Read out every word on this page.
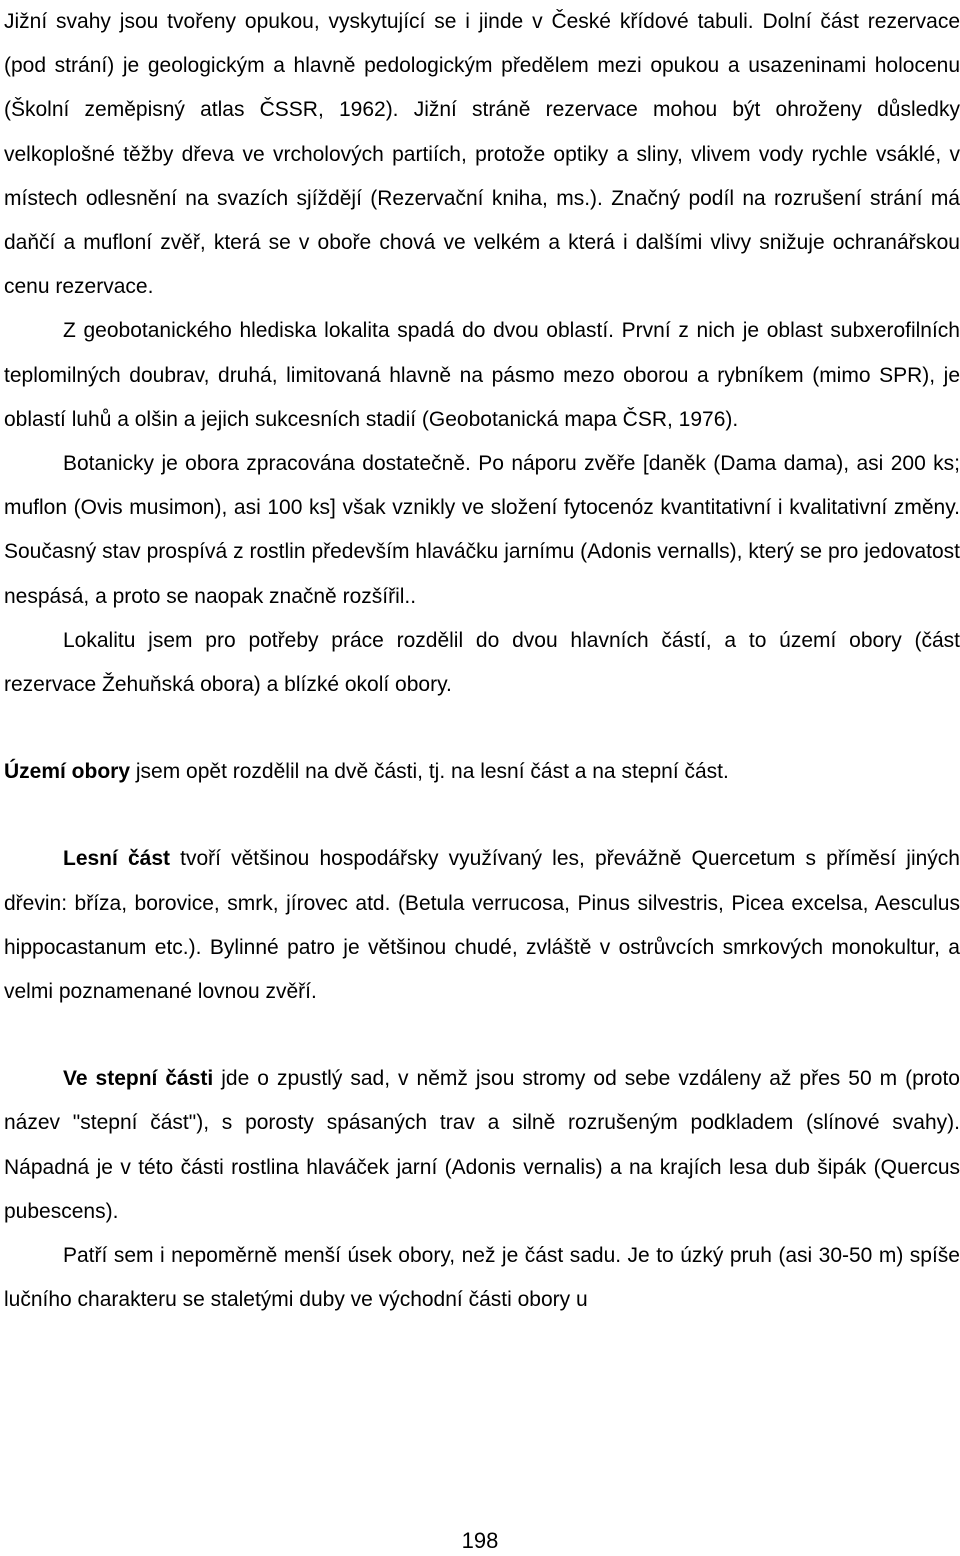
Jižní svahy jsou tvořeny opukou, vyskytující se i jinde v České křídové tabuli. Dolní část rezervace (pod strání) je geologickým a hlavně pedologickým předělem mezi opukou a usazeninami holocenu (Školní zeměpisný atlas ČSSR, 1962). Jižní stráně rezervace mohou být ohroženy důsledky velkoplošné těžby dřeva ve vrcholových partiích, protože optiky a sliny, vlivem vody rychle vsáklé, v místech odlesnění na svazích sjíždějí (Rezervační kniha, ms.). Značný podíl na rozrušení strání má daňčí a mufloní zvěř, která se v oboře chová ve velkém a která i dalšími vlivy snižuje ochranářskou cenu rezervace.

Z geobotanického hlediska lokalita spadá do dvou oblastí. První z nich je oblast subxerofilních teplomilných doubrav, druhá, limitovaná hlavně na pásmo mezo oborou a rybníkem (mimo SPR), je oblastí luhů a olšin a jejich sukcesních stadií (Geobotanická mapa ČSR, 1976).

Botanicky je obora zpracována dostatečně. Po náporu zvěře [daněk (Dama dama), asi 200 ks; muflon (Ovis musimon), asi 100 ks] však vznikly ve složení fytocenóz kvantitativní i kvalitativní změny. Současný stav prospívá z rostlin především hlaváčku jarnímu (Adonis vernalls), který se pro jedovatost nespásá, a proto se naopak značně rozšířil..

Lokalitu jsem pro potřeby práce rozdělil do dvou hlavních částí, a to území obory (část rezervace Žehuňská obora) a blízké okolí obory.

Území obory jsem opět rozdělil na dvě části, tj. na lesní část a na stepní část.

Lesní část tvoří většinou hospodářsky využívaný les, převážně Quercetum s příměsí jiných dřevin: bříza, borovice, smrk, jírovec atd. (Betula verrucosa, Pinus silvestris, Picea excelsa, Aesculus hippocastanum etc.). Bylinné patro je většinou chudé, zvláště v ostrůvcích smrkových monokultur, a velmi poznamenané lovnou zvěří.

Ve stepní části jde o zpustlý sad, v němž jsou stromy od sebe vzdáleny až přes 50 m (proto název "stepní část"), s porosty spásaných trav a silně rozrušeným podkladem (slínové svahy). Nápadná je v této části rostlina hlaváček jarní (Adonis vernalis) a na krajích lesa dub šipák (Quercus pubescens).

Patří sem i nepoměrně menší úsek obory, než je část sadu. Je to úzký pruh (asi 30-50 m) spíše lučního charakteru se staletými duby ve východní části obory u

198
